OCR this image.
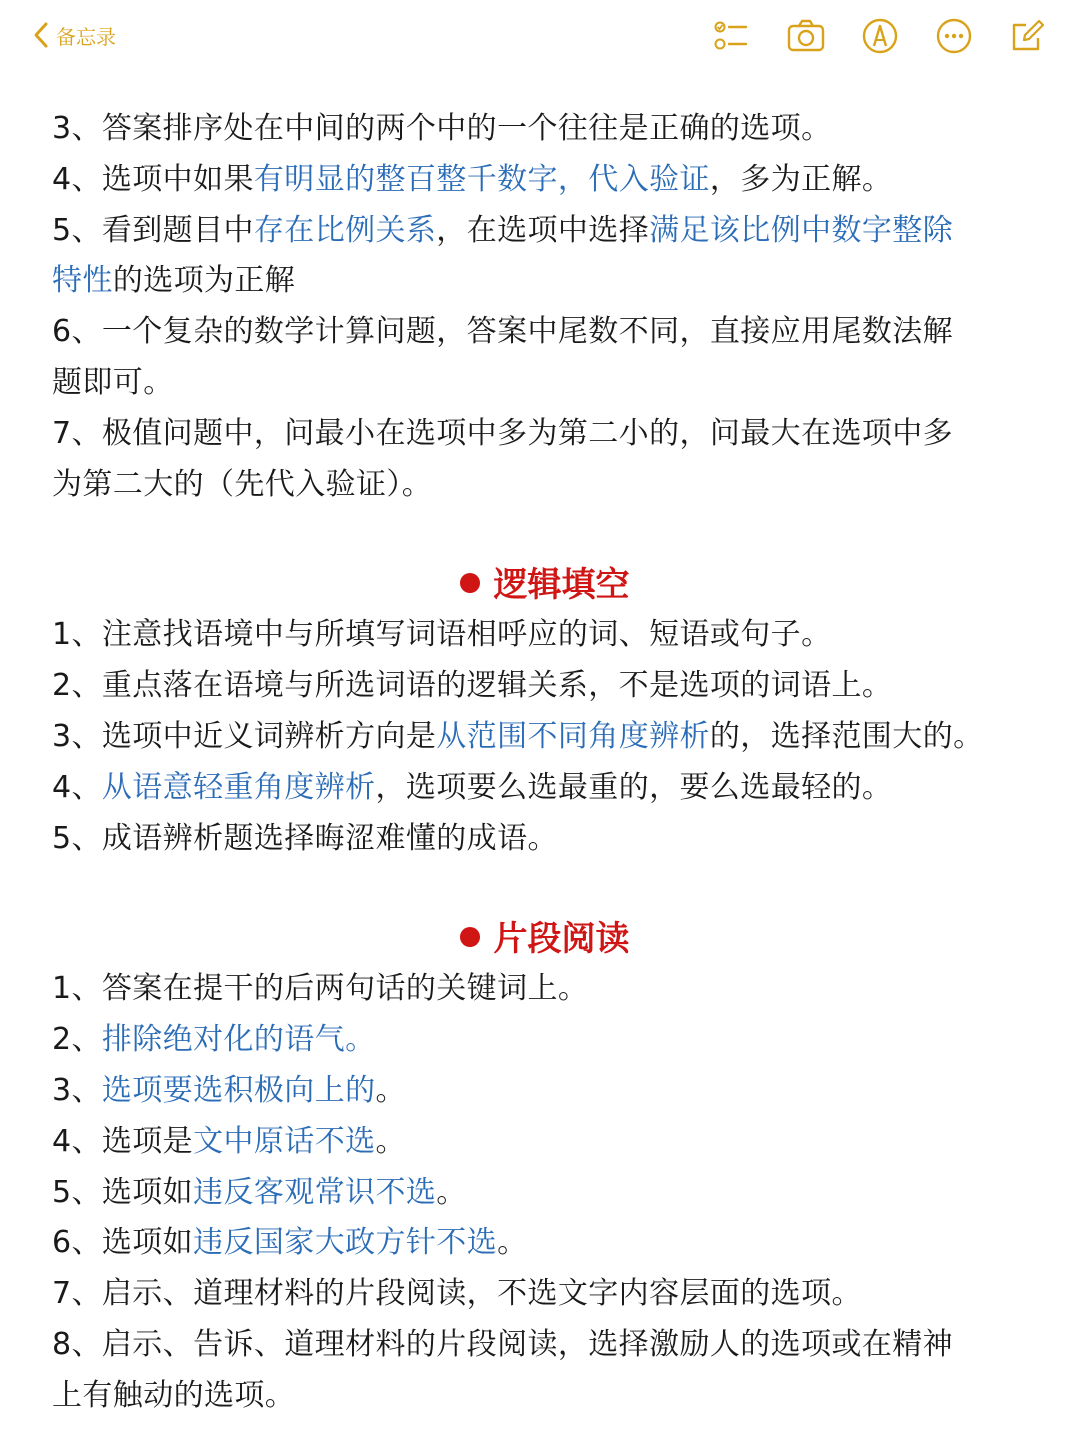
备忘录
3、答案排序处在中间的两个中的一个往往是正确的选项。
4、选项中如果有明显的整百整千数字，代入验证，多为正解。
5、看到题目中存在比例关系，在选项中选择满足该比例中数字整除
特性的选项为正解
6、一个复杂的数学计算问题，答案中尾数不同，直接应用尾数法解
题即可。
7、极值问题中，问最小在选项中多为第二小的，问最大在选项中多
为第二大的（先代入验证）。
逻辑填空
1、注意找语境中与所填写词语相呼应的词、短语或句子。
2、重点落在语境与所选词语的逻辑关系，不是选项的词语上。
3、选项中近义词辨析方向是从范围不同角度辨析的，选择范围大的。
4、从语意轻重角度辨析，选项要么选最重的，要么选最轻的。
5、成语辨析题选择晦涩难懂的成语。
片段阅读
1、答案在提干的后两句话的关键词上。
2、排除绝对化的语气。
3、选项要选积极向上的。
4、选项是文中原话不选。
5、选项如违反客观常识不选。
6、选项如违反国家大政方针不选。
7、启示、道理材料的片段阅读，不选文字内容层面的选项。
8、启示、告诉、道理材料的片段阅读，选择激励人的选项或在精神
上有触动的选项。
